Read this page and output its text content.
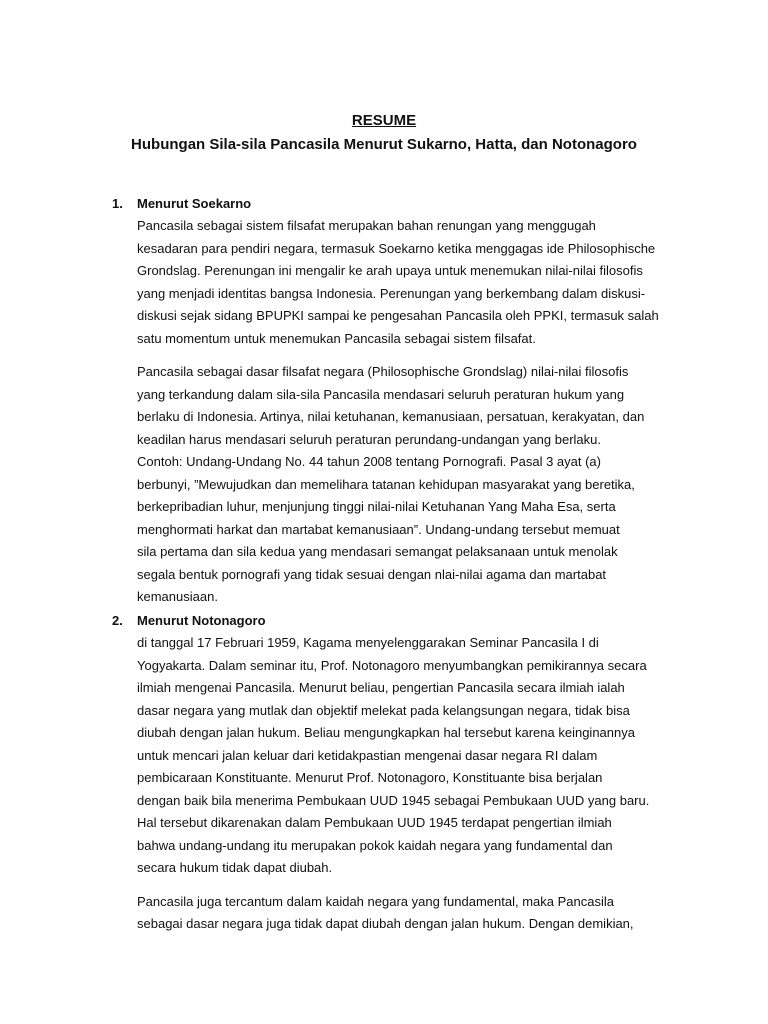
RESUME
Hubungan Sila-sila Pancasila Menurut Sukarno, Hatta, dan Notonagoro
1.	Menurut Soekarno
Pancasila sebagai sistem filsafat merupakan bahan renungan yang menggugah
kesadaran para pendiri negara, termasuk Soekarno ketika menggagas ide Philosophische
Grondslag. Perenungan ini mengalir ke arah upaya untuk menemukan nilai-nilai filosofis
yang menjadi identitas bangsa Indonesia. Perenungan yang berkembang dalam diskusi-
diskusi sejak sidang BPUPKI sampai ke pengesahan Pancasila oleh PPKI, termasuk salah
satu momentum untuk menemukan Pancasila sebagai sistem filsafat.
Pancasila sebagai dasar filsafat negara (Philosophische Grondslag) nilai-nilai filosofis
yang terkandung dalam sila-sila Pancasila mendasari seluruh peraturan hukum yang
berlaku di Indonesia. Artinya, nilai ketuhanan, kemanusiaan, persatuan, kerakyatan, dan
keadilan harus mendasari seluruh peraturan perundang-undangan yang berlaku.
Contoh: Undang-Undang No. 44 tahun 2008 tentang Pornografi. Pasal 3 ayat (a)
berbunyi, ”Mewujudkan dan memelihara tatanan kehidupan masyarakat yang beretika,
berkepribadian luhur, menjunjung tinggi nilai-nilai Ketuhanan Yang Maha Esa, serta
menghormati harkat dan martabat kemanusiaan”. Undang-undang tersebut memuat
sila pertama dan sila kedua yang mendasari semangat pelaksanaan untuk menolak
segala bentuk pornografi yang tidak sesuai dengan nlai-nilai agama dan martabat
kemanusiaan.
2.	Menurut Notonagoro
di tanggal 17 Februari 1959, Kagama menyelenggarakan Seminar Pancasila I di
Yogyakarta. Dalam seminar itu, Prof. Notonagoro menyumbangkan pemikirannya secara
ilmiah mengenai Pancasila. Menurut beliau, pengertian Pancasila secara ilmiah ialah
dasar negara yang mutlak dan objektif melekat pada kelangsungan negara, tidak bisa
diubah dengan jalan hukum. Beliau mengungkapkan hal tersebut karena keinginannya
untuk mencari jalan keluar dari ketidakpastian mengenai dasar negara RI dalam
pembicaraan Konstituante. Menurut Prof. Notonagoro, Konstituante bisa berjalan
dengan baik bila menerima Pembukaan UUD 1945 sebagai Pembukaan UUD yang baru.
Hal tersebut dikarenakan dalam Pembukaan UUD 1945 terdapat pengertian ilmiah
bahwa undang-undang itu merupakan pokok kaidah negara yang fundamental dan
secara hukum tidak dapat diubah.
Pancasila juga tercantum dalam kaidah negara yang fundamental, maka Pancasila
sebagai dasar negara juga tidak dapat diubah dengan jalan hukum. Dengan demikian,
